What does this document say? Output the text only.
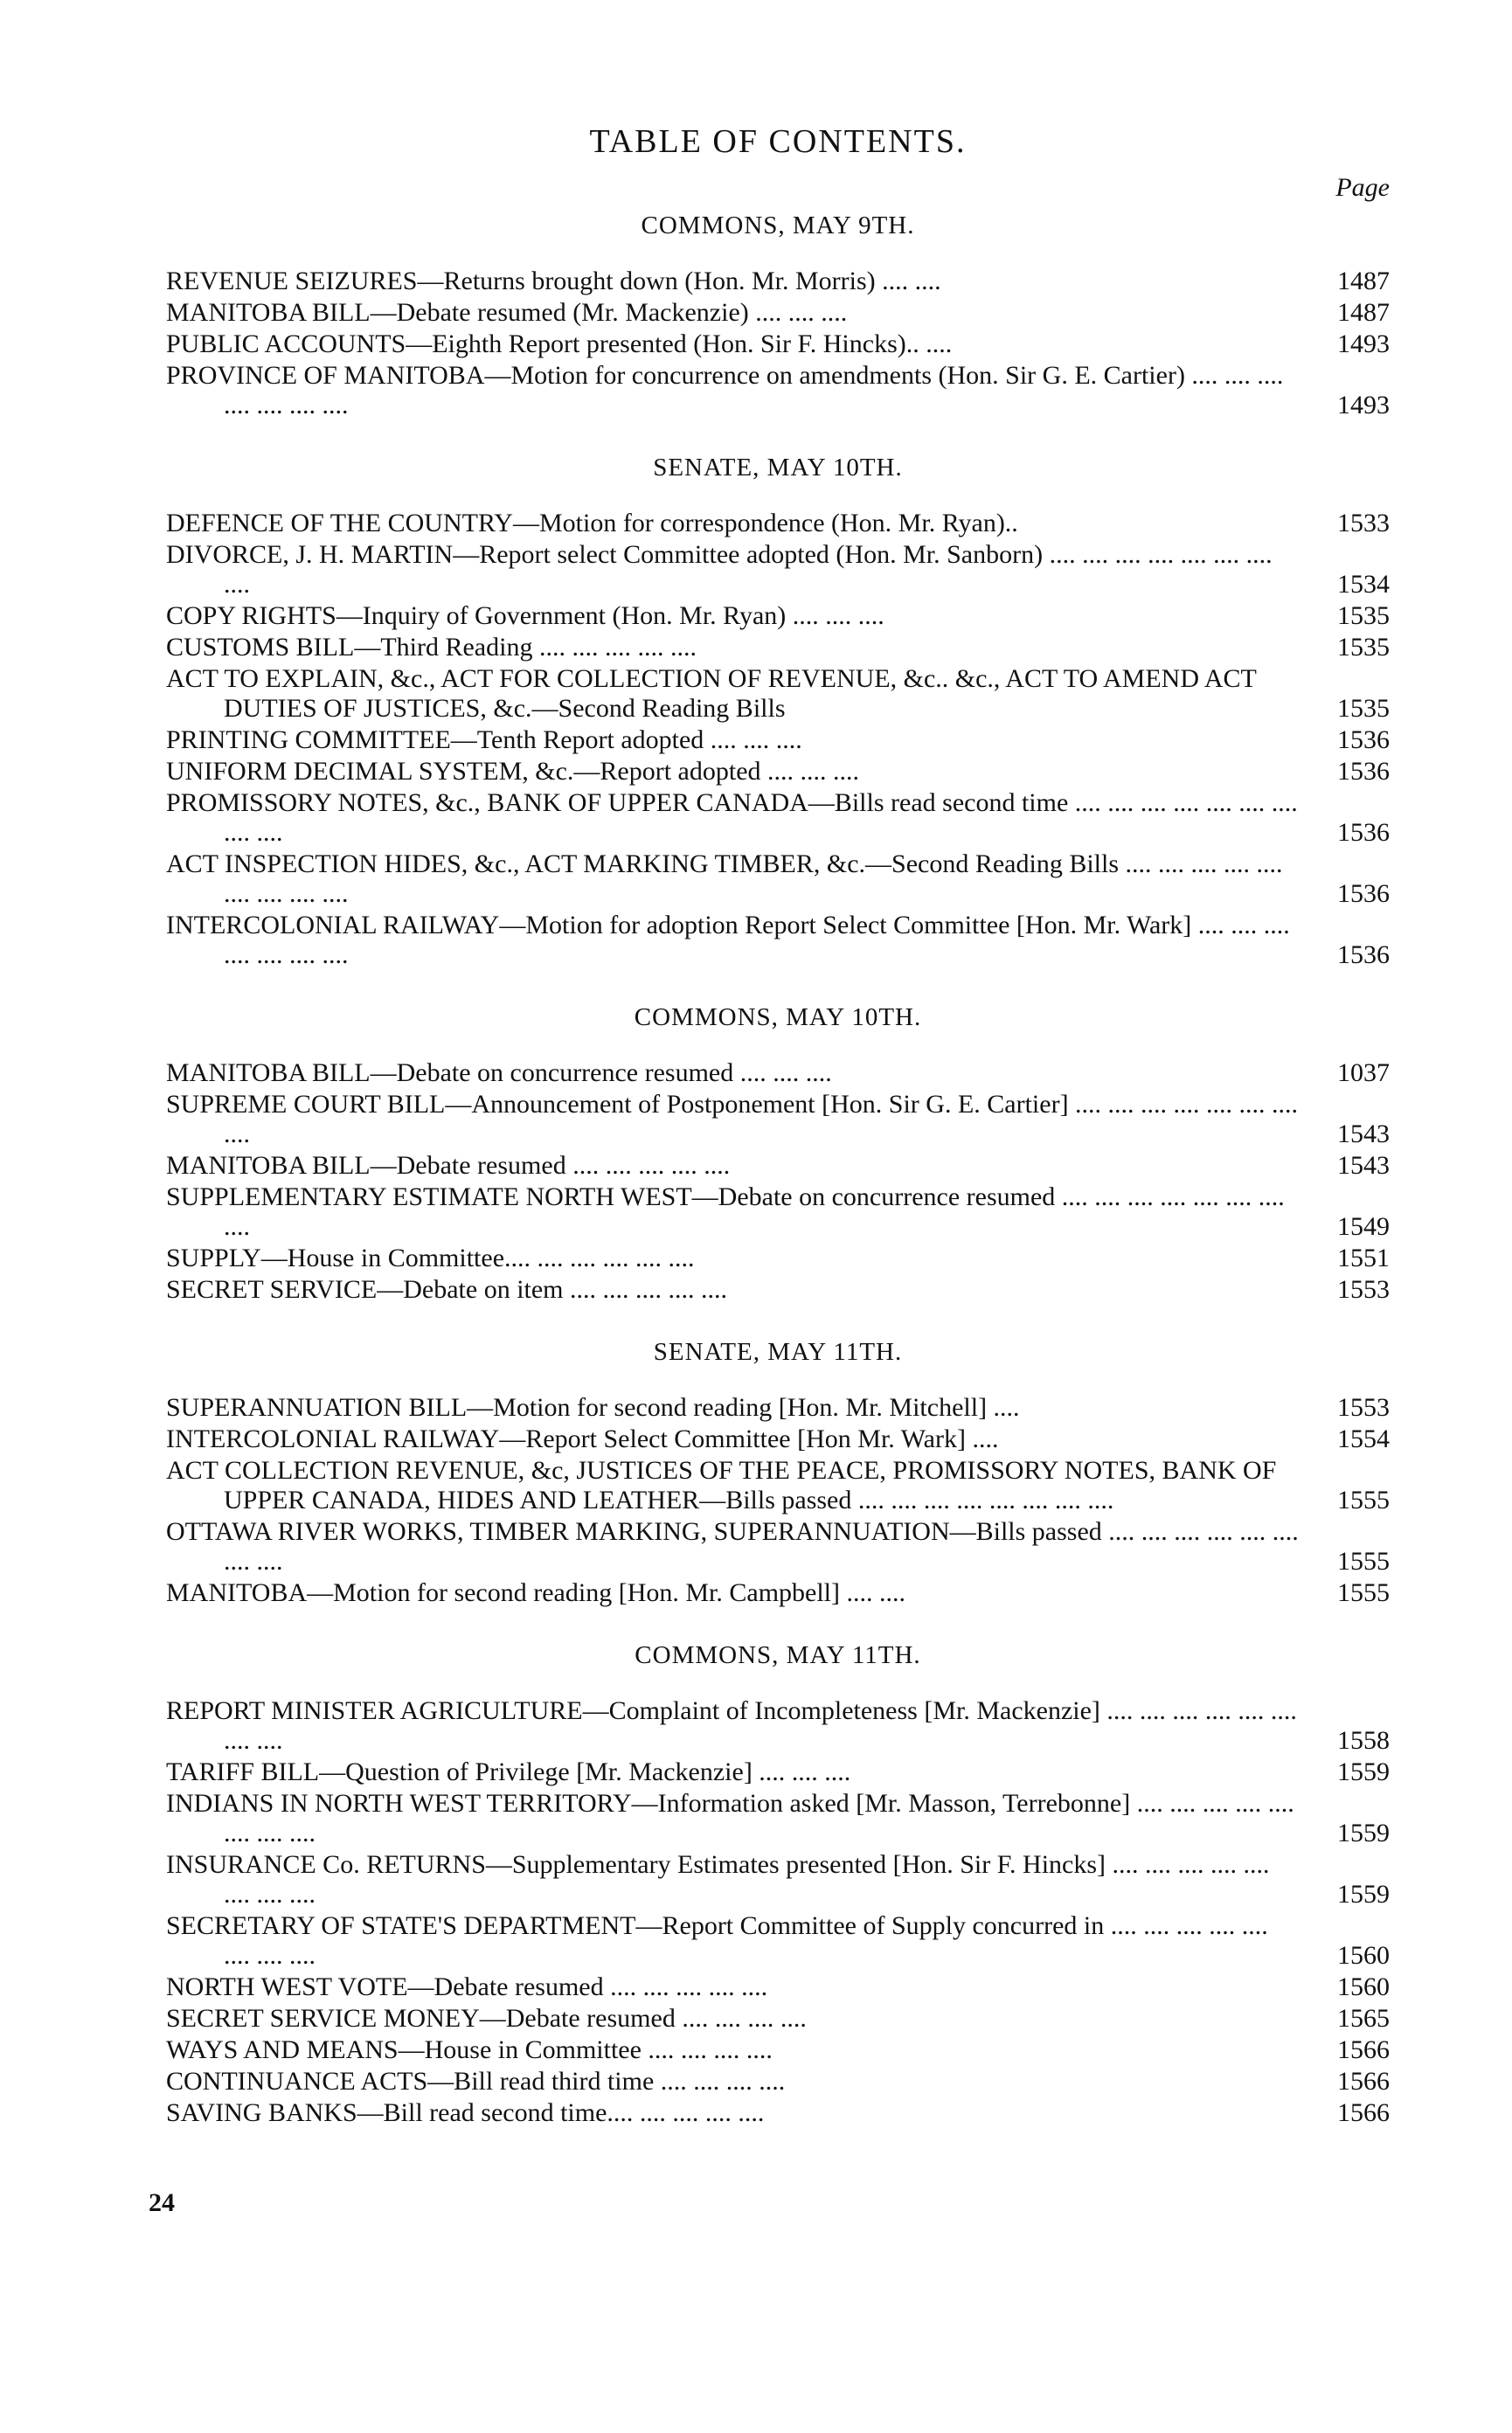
TABLE OF CONTENTS.
Page
COMMONS, MAY 9TH.
REVENUE SEIZURES—Returns brought down (Hon. Mr. Morris) .... ....	1487
MANITOBA BILL—Debate resumed (Mr. Mackenzie) .... .... ....	1487
PUBLIC ACCOUNTS—Eighth Report presented (Hon. Sir F. Hincks).. ....	1493
PROVINCE OF MANITOBA—Motion for concurrence on amendments (Hon. Sir G. E. Cartier) .... .... .... .... .... .... ....	1493
SENATE, MAY 10TH.
DEFENCE OF THE COUNTRY—Motion for correspondence (Hon. Mr. Ryan)..	1533
DIVORCE, J. H. MARTIN—Report select Committee adopted (Hon. Mr. Sanborn) .... .... .... .... .... .... .... ....	1534
COPY RIGHTS—Inquiry of Government (Hon. Mr. Ryan) .... .... ....	1535
CUSTOMS BILL—Third Reading .... .... .... .... ....	1535
ACT TO EXPLAIN, &c., ACT FOR COLLECTION OF REVENUE, &c.. &c., ACT TO AMEND ACT DUTIES OF JUSTICES, &c.—Second Reading Bills	1535
PRINTING COMMITTEE—Tenth Report adopted .... .... ....	1536
UNIFORM DECIMAL SYSTEM, &c.—Report adopted .... .... ....	1536
PROMISSORY NOTES, &c., BANK OF UPPER CANADA—Bills read second time .... .... .... .... .... .... .... .... ....	1536
ACT INSPECTION HIDES, &c., ACT MARKING TIMBER, &c.—Second Reading Bills .... .... .... .... .... .... .... .... ....	1536
INTERCOLONIAL RAILWAY—Motion for adoption Report Select Committee [Hon. Mr. Wark] .... .... .... .... .... .... ....	1536
COMMONS, MAY 10TH.
MANITOBA BILL—Debate on concurrence resumed .... .... ....	1037
SUPREME COURT BILL—Announcement of Postponement [Hon. Sir G. E. Cartier] .... .... .... .... .... .... .... ....	1543
MANITOBA BILL—Debate resumed .... .... .... .... ....	1543
SUPPLEMENTARY ESTIMATE NORTH WEST—Debate on concurrence resumed .... .... .... .... .... .... .... ....	1549
SUPPLY—House in Committee.... .... .... .... .... ....	1551
SECRET SERVICE—Debate on item .... .... .... .... ....	1553
SENATE, MAY 11TH.
SUPERANNUATION BILL—Motion for second reading [Hon. Mr. Mitchell] ....	1553
INTERCOLONIAL RAILWAY—Report Select Committee [Hon Mr. Wark] ....	1554
ACT COLLECTION REVENUE, &c, JUSTICES OF THE PEACE, PROMISSORY NOTES, BANK OF UPPER CANADA, HIDES AND LEATHER—Bills passed .... .... .... .... .... .... .... ....	1555
OTTAWA RIVER WORKS, TIMBER MARKING, SUPERANNUATION—Bills passed .... .... .... .... .... .... .... ....	1555
MANITOBA—Motion for second reading [Hon. Mr. Campbell] .... ....	1555
COMMONS, MAY 11TH.
REPORT MINISTER AGRICULTURE—Complaint of Incompleteness [Mr. Mackenzie] .... .... .... .... .... .... .... ....	1558
TARIFF BILL—Question of Privilege [Mr. Mackenzie] .... .... ....	1559
INDIANS IN NORTH WEST TERRITORY—Information asked [Mr. Masson, Terrebonne] .... .... .... .... .... .... .... ....	1559
INSURANCE Co. RETURNS—Supplementary Estimates presented [Hon. Sir F. Hincks] .... .... .... .... .... .... .... ....	1559
SECRETARY OF STATE'S DEPARTMENT—Report Committee of Supply concurred in .... .... .... .... .... .... .... ....	1560
NORTH WEST VOTE—Debate resumed .... .... .... .... ....	1560
SECRET SERVICE MONEY—Debate resumed .... .... .... ....	1565
WAYS AND MEANS—House in Committee .... .... .... ....	1566
CONTINUANCE ACTS—Bill read third time .... .... .... ....	1566
SAVING BANKS—Bill read second time.... .... .... .... ....	1566
24
